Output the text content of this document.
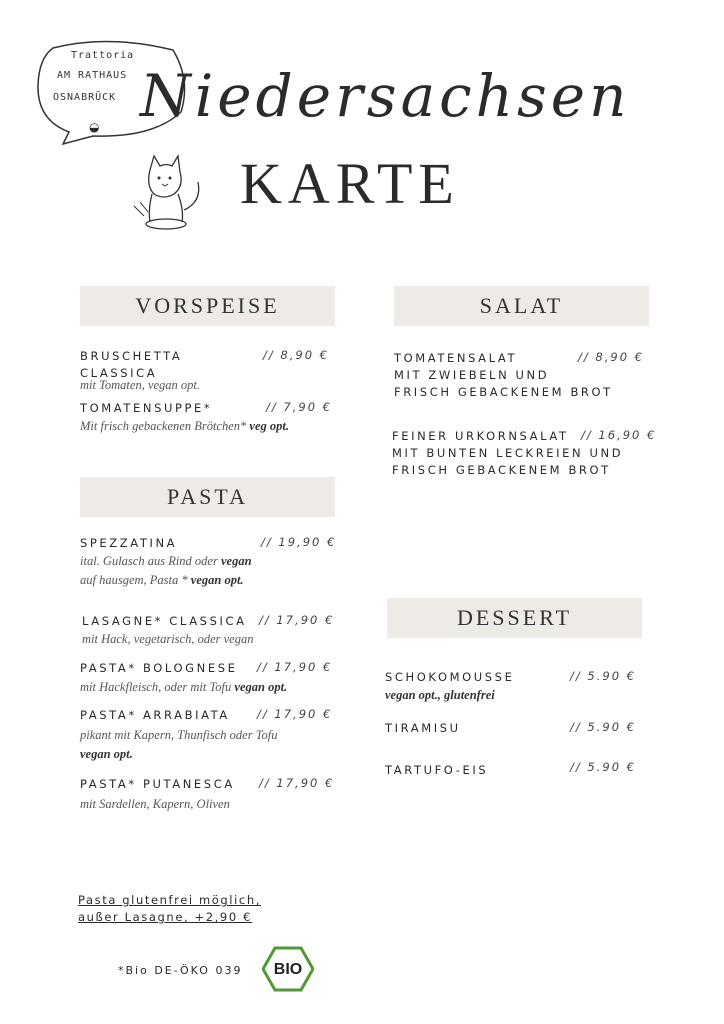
Trattoria
AM RATHAUS
OSNABRÜCK
◒ Niedersachsen
KARTE
VORSPEISE
BRUSCHETTA
CLASSICA
// 8,90 €
mit Tomaten, vegan opt.
TOMATENSUPPE*	// 7,90 €
Mit frisch gebackenen Brötchen* veg opt.
SALAT
TOMATENSALAT
MIT ZWIEBELN UND
FRISCH GEBACKENEM BROT
// 8,90 €
FEINER URKORNSALAT
MIT BUNTEN LECKREIEN UND
FRISCH GEBACKENEM BROT
// 16,90 €
PASTA
SPEZZATINA	// 19,90 €
ital. Gulasch aus Rind oder vegan
auf hausgem, Pasta * vegan opt.
LASAGNE* CLASSICA // 17,90 €
mit Hack, vegetarisch, oder vegan
PASTA* BOLOGNESE // 17,90 €
mit Hackfleisch, oder mit Tofu vegan opt.
PASTA* ARRABIATA // 17,90 €
pikant mit Kapern, Thunfisch oder Tofu
vegan opt.
PASTA* PUTANESCA // 17,90 €
mit Sardellen, Kapern, Oliven
DESSERT
SCHOKOMOUSSE	// 5.90 €
vegan opt., glutenfrei
TIRAMISU	// 5.90 €
TARTUFO-EIS	// 5.90 €
Pasta glutenfrei möglich,
außer Lasagne, +2,90 €
*Bio DE-ÖKO 039 BIO
